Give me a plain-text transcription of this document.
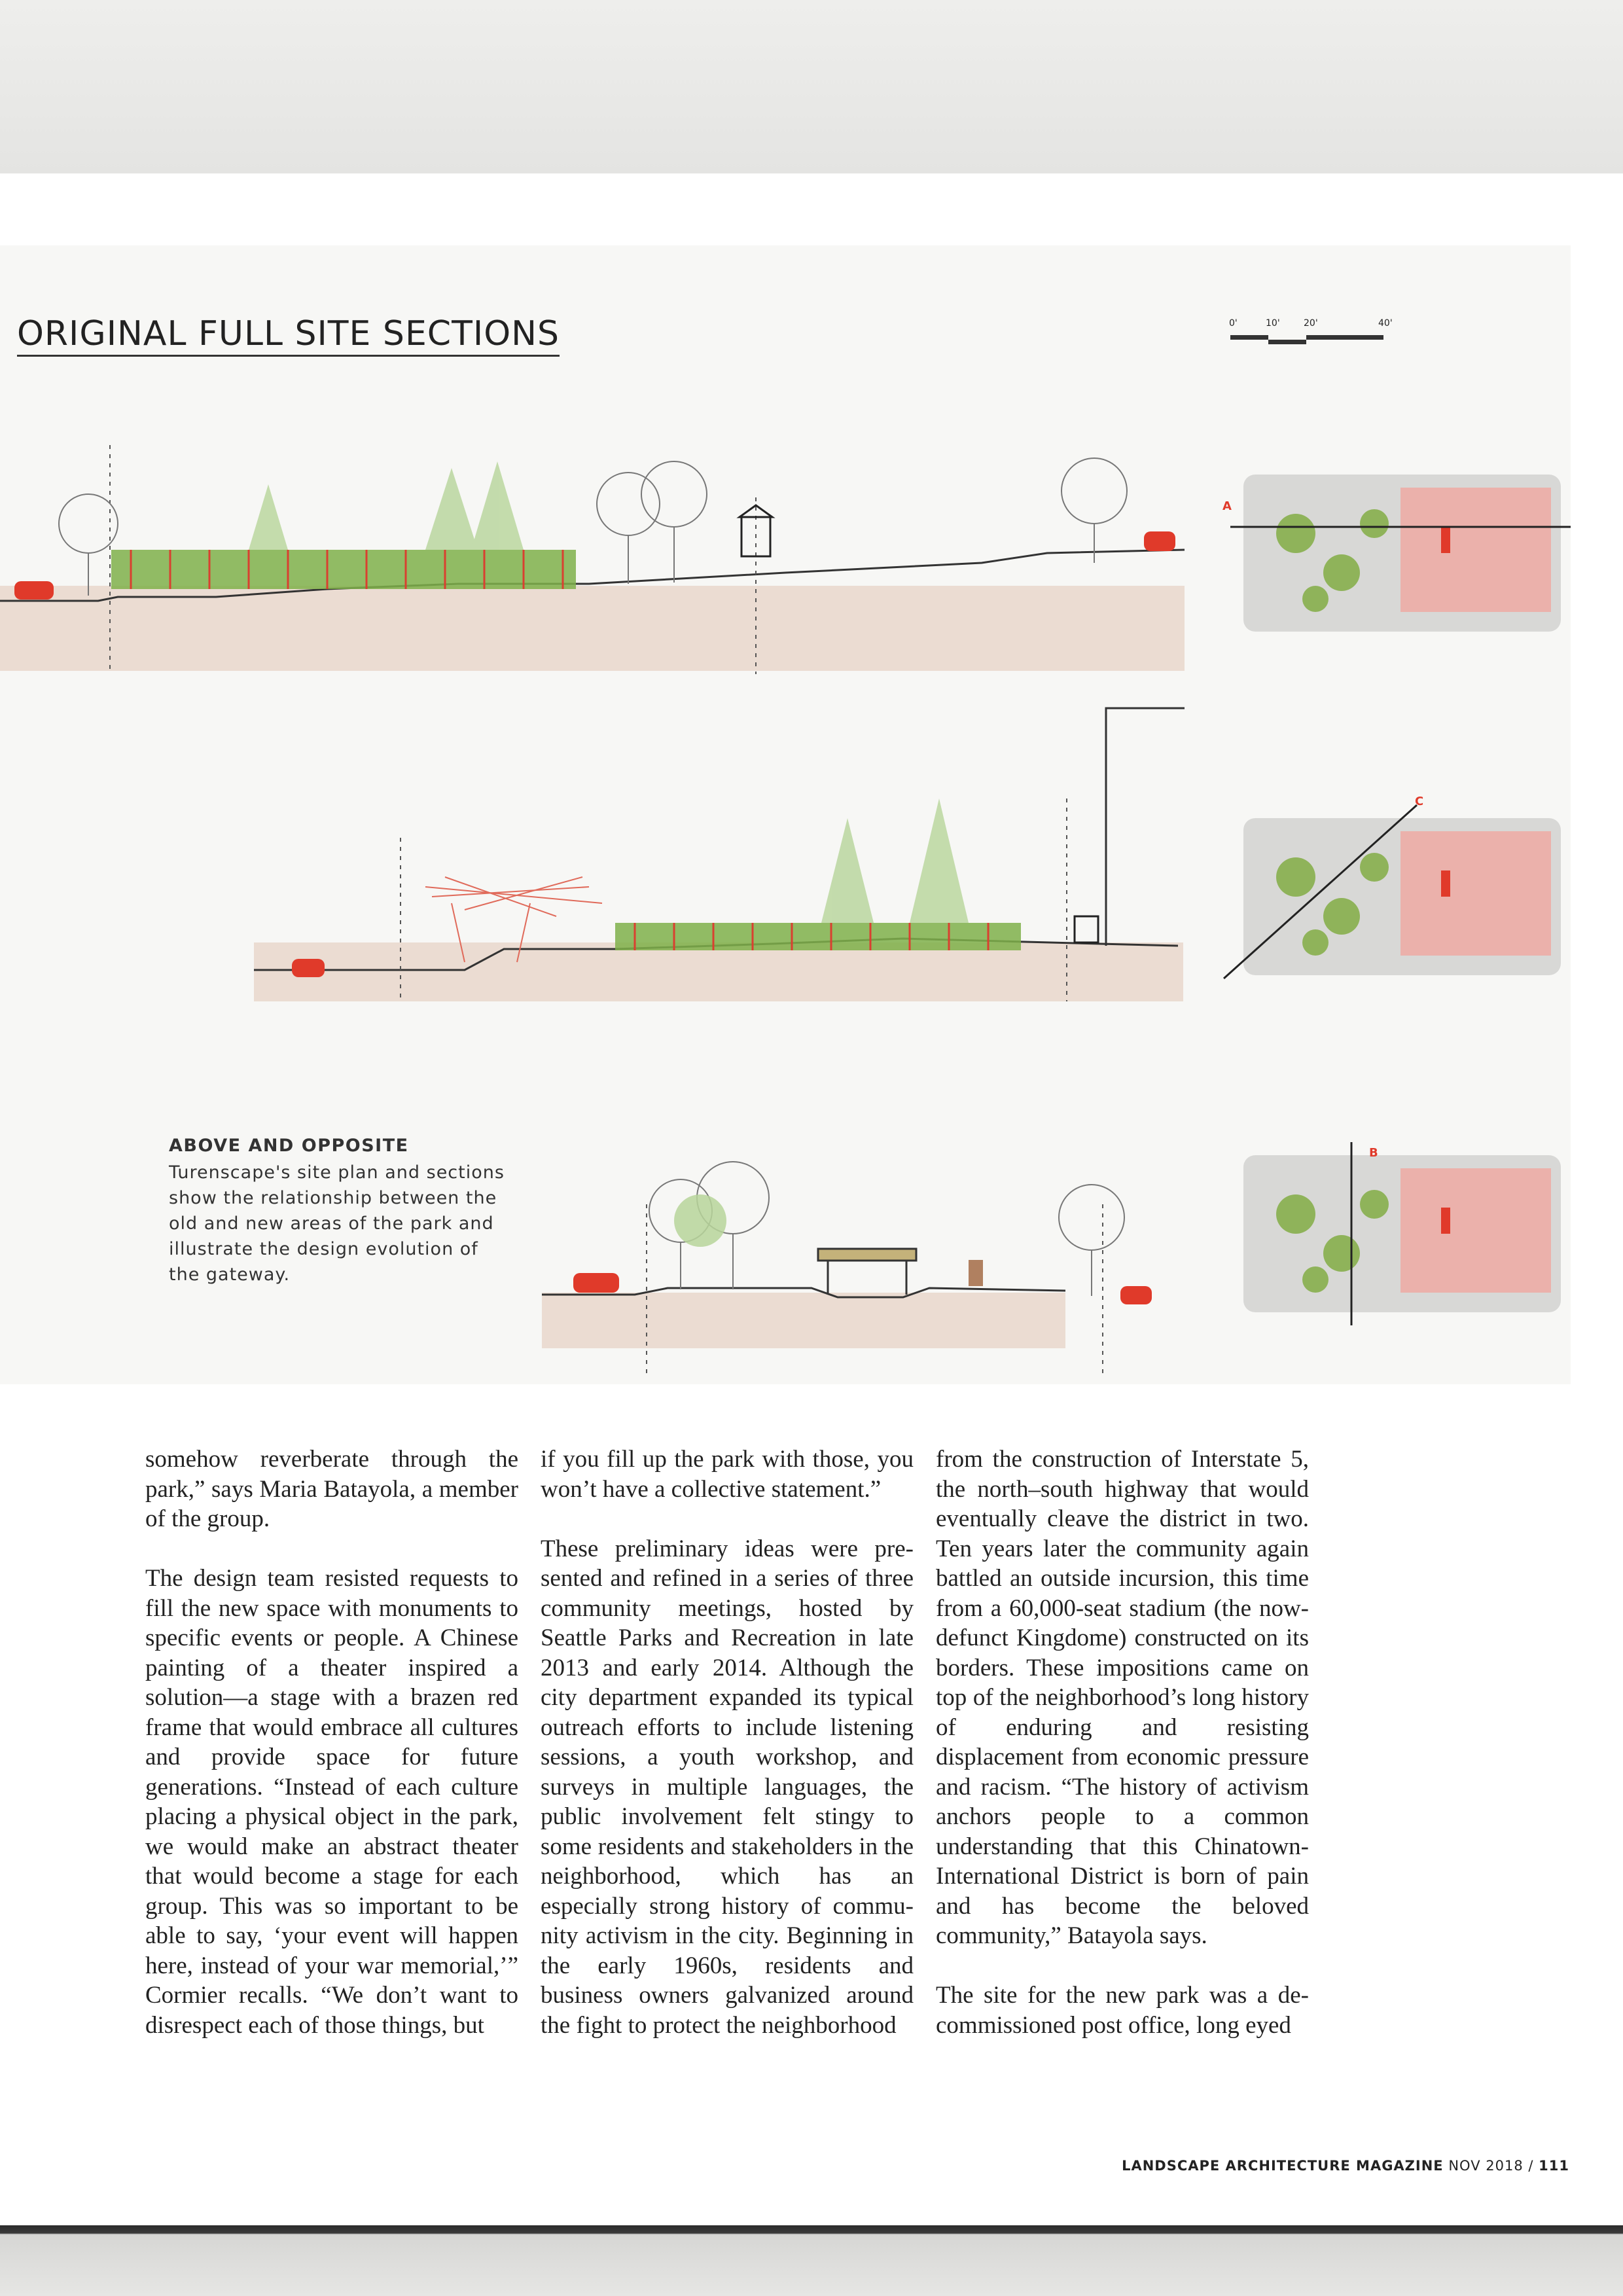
ORIGINAL FULL SITE SECTIONS	0'	10'	20'	40'
A
C
B
ABOVE AND OPPOSITE
Turenscape's site plan and sections show the relationship between the old and new areas of the park and illustrate the design evolution of the gateway.

somehow reverberate through the park,” says Maria Batayola, a member of the group.

The design team resisted requests to fill the new space with monuments to specific events or people. A Chinese painting of a theater inspired a solution—a stage with a brazen red frame that would embrace all cultures and provide space for future generations. “Instead of each culture placing a physical object in the park, we would make an abstract theater that would become a stage for each group. This was so important to be able to say, ‘your event will happen here, instead of your war memorial,’” Cormier recalls. “We don’t want to disrespect each of those things, but

if you fill up the park with those, you won’t have a collective statement.”

These preliminary ideas were presented and refined in a series of three community meetings, hosted by Seattle Parks and Recreation in late 2013 and early 2014. Although the city department expanded its typical outreach efforts to include listening sessions, a youth workshop, and surveys in multiple languages, the public involvement felt stingy to some residents and stakeholders in the neighborhood, which has an especially strong history of community activism in the city. Beginning in the early 1960s, residents and business owners galvanized around the fight to protect the neighborhood

from the construction of Interstate 5, the north–south highway that would eventually cleave the district in two. Ten years later the community again battled an outside incursion, this time from a 60,000-seat stadium (the now-defunct Kingdome) constructed on its borders. These impositions came on top of the neighborhood’s long history of enduring and resisting displacement from economic pressure and racism. “The history of activism anchors people to a common understanding that this Chinatown-International District is born of pain and has become the beloved community,” Batayola says.

The site for the new park was a decommissioned post office, long eyed

LANDSCAPE ARCHITECTURE MAGAZINE NOV 2018 / 111
